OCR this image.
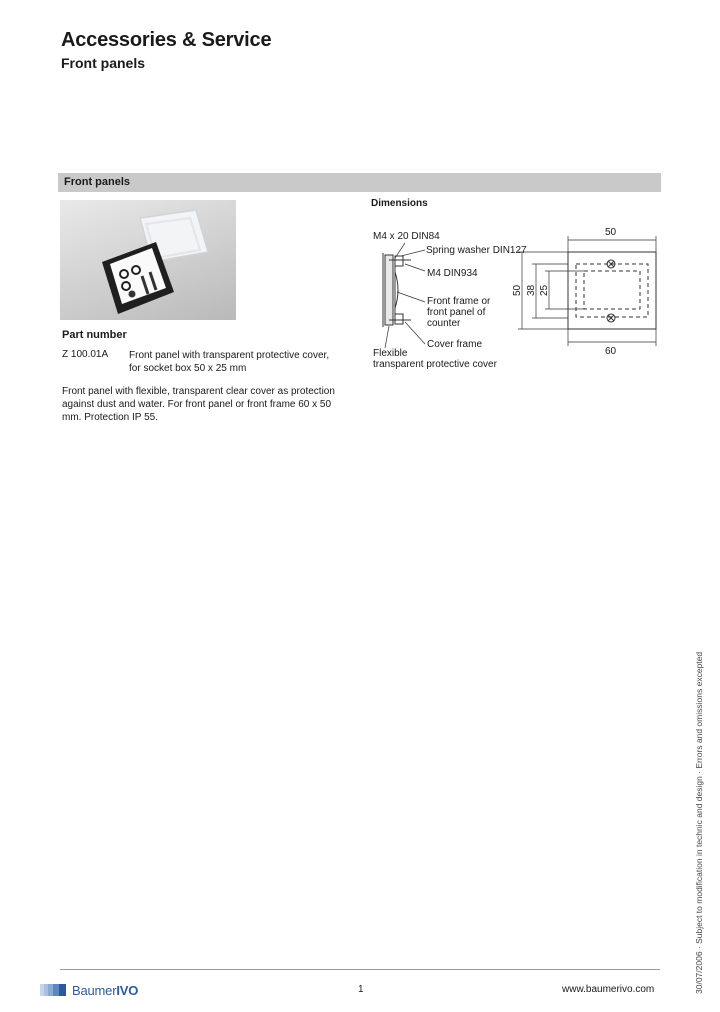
Accessories & Service
Front panels
Front panels
Part number
Z 100.01A Front panel with transparent protective cover,
for socket box 50 x 25 mm
Front panel with flexible, transparent clear cover as protection against dust and water. For front panel or front frame 60 x 50 mm. Protection IP 55.
Dimensions
M4 x 20 DIN84
Spring washer DIN127
M4 DIN934
Front frame or
front panel of
counter
Cover frame
Flexible
transparent protective cover
50
60
50 38 25
30/07/2006 · Subject to modification in technic and design · Errors and omissions excepted
BaumerIVO	1	www.baumerivo.com
